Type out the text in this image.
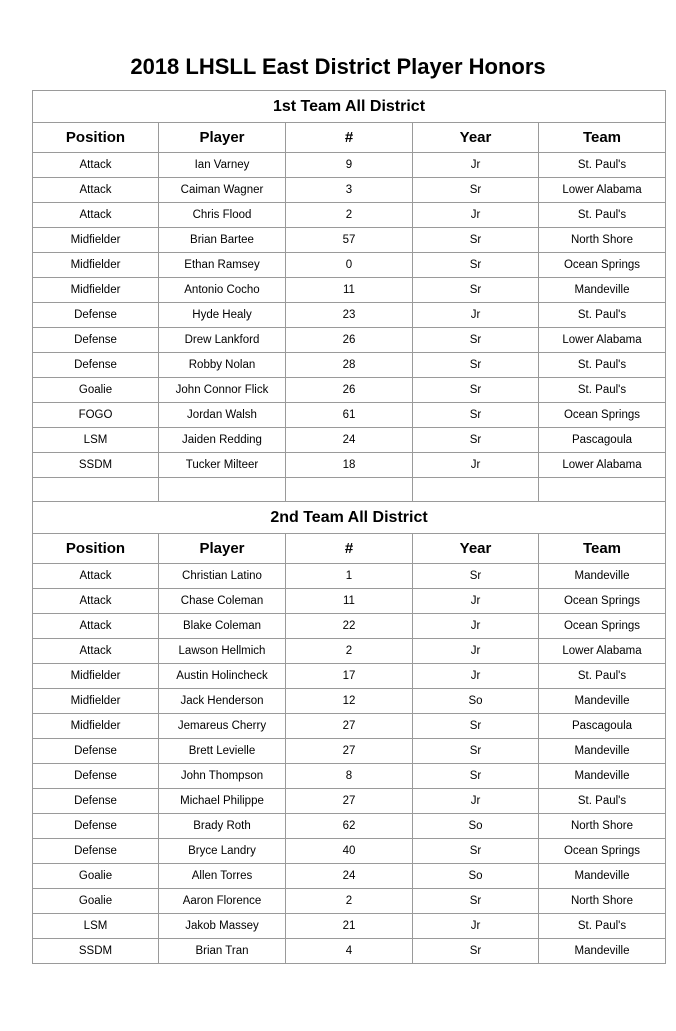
2018 LHSLL East District Player Honors
1st Team All District				
Position	Player	#	Year	Team
Attack	Ian Varney	9	Jr	St. Paul's
Attack	Caiman Wagner	3	Sr	Lower Alabama
Attack	Chris Flood	2	Jr	St. Paul's
Midfielder	Brian Bartee	57	Sr	North Shore
Midfielder	Ethan Ramsey	0	Sr	Ocean Springs
Midfielder	Antonio Cocho	11	Sr	Mandeville
Defense	Hyde Healy	23	Jr	St. Paul's
Defense	Drew Lankford	26	Sr	Lower Alabama
Defense	Robby Nolan	28	Sr	St. Paul's
Goalie	John Connor Flick	26	Sr	St. Paul's
FOGO	Jordan Walsh	61	Sr	Ocean Springs
LSM	Jaiden Redding	24	Sr	Pascagoula
SSDM	Tucker Milteer	18	Jr	Lower Alabama

2nd Team All District				
Position	Player	#	Year	Team
Attack	Christian Latino	1	Sr	Mandeville
Attack	Chase Coleman	11	Jr	Ocean Springs
Attack	Blake Coleman	22	Jr	Ocean Springs
Attack	Lawson Hellmich	2	Jr	Lower Alabama
Midfielder	Austin Holincheck	17	Jr	St. Paul's
Midfielder	Jack Henderson	12	So	Mandeville
Midfielder	Jemareus Cherry	27	Sr	Pascagoula
Defense	Brett Levielle	27	Sr	Mandeville
Defense	John Thompson	8	Sr	Mandeville
Defense	Michael Philippe	27	Jr	St. Paul's
Defense	Brady Roth	62	So	North Shore
Defense	Bryce Landry	40	Sr	Ocean Springs
Goalie	Allen Torres	24	So	Mandeville
Goalie	Aaron Florence	2	Sr	North Shore
LSM	Jakob Massey	21	Jr	St. Paul's
SSDM	Brian Tran	4	Sr	Mandeville
